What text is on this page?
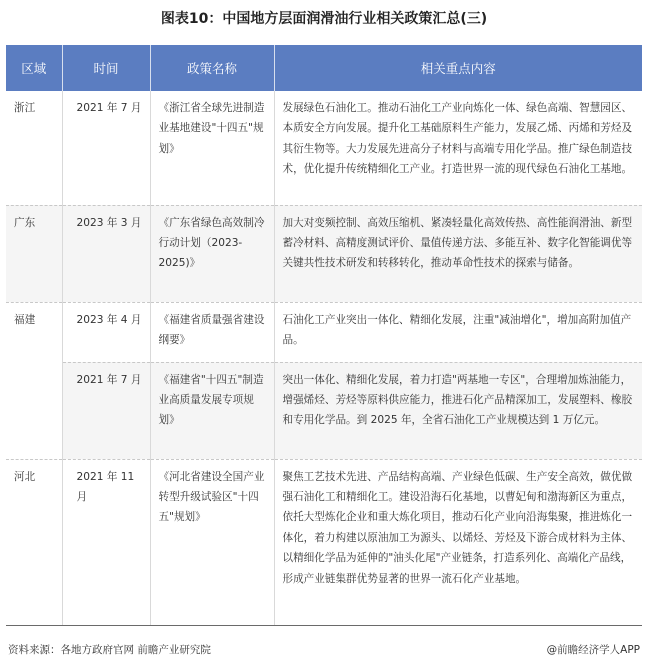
图表10：中国地方层面润滑油行业相关政策汇总(三)
区域	时间	政策名称	相关重点内容
浙江	2021 年 7 月	《浙江省全球先进制造业基地建设"十四五"规划》	发展绿色石油化工。推动石油化工产业向炼化一体、绿色高端、智慧园区、本质安全方向发展。提升化工基础原料生产能力，发展乙烯、丙烯和芳烃及其衍生物等。大力发展先进高分子材料与高端专用化学品。推广绿色制造技术，优化提升传统精细化工产业。打造世界一流的现代绿色石油化工基地。
广东	2023 年 3 月	《广东省绿色高效制冷行动计划（2023-2025)》	加大对变频控制、高效压缩机、紧凑轻量化高效传热、高性能润滑油、新型蓄冷材料、高精度测试评价、量值传递方法、多能互补、数字化智能调优等关键共性技术研发和转移转化，推动革命性技术的探索与储备。
福建	2023 年 4 月	《福建省质量强省建设纲要》	石油化工产业突出一体化、精细化发展，注重"减油增化"，增加高附加值产品。
	2021 年 7 月	《福建省"十四五"制造业高质量发展专项规划》	突出一体化、精细化发展，着力打造"两基地一专区"，合理增加炼油能力，增强烯烃、芳烃等原料供应能力，推进石化产品精深加工，发展塑料、橡胶和专用化学品。到 2025 年，全省石油化工产业规模达到 1 万亿元。
河北	2021 年 11 月	《河北省建设全国产业转型升级试验区"十四五"规划》	聚焦工艺技术先进、产品结构高端、产业绿色低碳、生产安全高效，做优做强石油化工和精细化工。建设沿海石化基地，以曹妃甸和渤海新区为重点，依托大型炼化企业和重大炼化项目，推动石化产业向沿海集聚，推进炼化一体化，着力构建以原油加工为源头、以烯烃、芳烃及下游合成材料为主体、以精细化学品为延伸的"油头化尾"产业链条，打造系列化、高端化产品线，形成产业链集群优势显著的世界一流石化产业基地。
资料来源：各地方政府官网 前瞻产业研究院	@前瞻经济学人APP
